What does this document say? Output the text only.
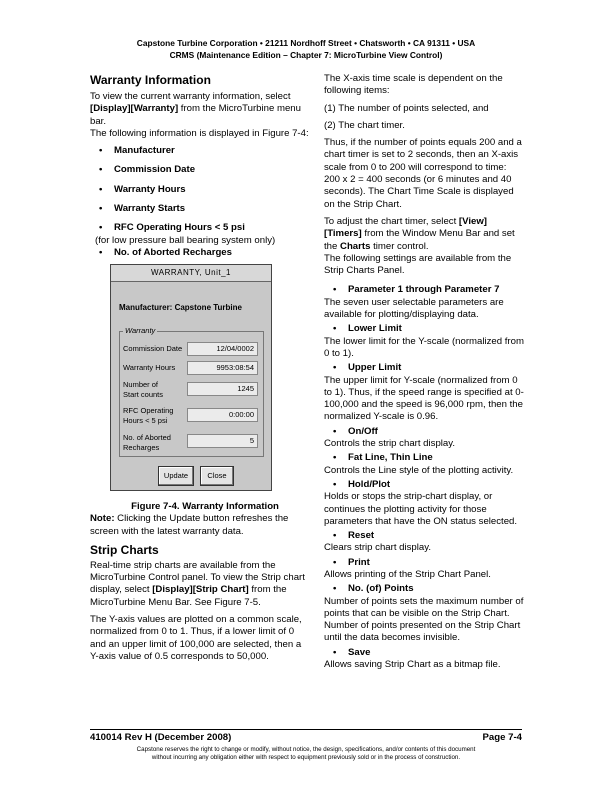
Capstone Turbine Corporation • 21211 Nordhoff Street • Chatsworth • CA 91311 • USA
CRMS (Maintenance Edition – Chapter 7: MicroTurbine View Control)
Warranty Information

To view the current warranty information, select [Display][Warranty] from the MicroTurbine menu bar.

The following information is displayed in Figure 7-4:

• Manufacturer

• Commission Date

• Warranty Hours

• Warranty Starts

• RFC Operating Hours < 5 psi

(for low pressure ball bearing system only)

• No. of Aborted Recharges

WARRANTY, Unit_1
Manufacturer: Capstone Turbine
Warranty
Commission Date	12/04/0002
Warranty Hours	9953:08:54
Number of
Start counts
1245
RFC Operating
Hours < 5 psi
0:00:00
No. of Aborted
Recharges
5
Update	Close

Figure 7-4. Warranty Information

Note: Clicking the Update button refreshes the screen with the latest warranty data.

Strip Charts

Real-time strip charts are available from the MicroTurbine Control panel. To view the Strip chart display, select [Display][Strip Chart] from the MicroTurbine Menu Bar. See Figure 7-5.

The Y-axis values are plotted on a common scale, normalized from 0 to 1. Thus, if a lower limit of 0 and an upper limit of 100,000 are selected, then a Y-axis value of 0.5 corresponds to 50,000.

The X-axis time scale is dependent on the following items:

(1) The number of points selected, and

(2) The chart timer.

Thus, if the number of points equals 200 and a chart timer is set to 2 seconds, then an X-axis scale from 0 to 200 will correspond to time: 200 x 2 = 400 seconds (or 6 minutes and 40 seconds). The Chart Time Scale is displayed on the Strip Chart.

To adjust the chart timer, select [View] [Timers] from the Window Menu Bar and set the Charts timer control.

The following settings are available from the Strip Charts Panel.

• Parameter 1 through Parameter 7

The seven user selectable parameters are available for plotting/displaying data.

• Lower Limit

The lower limit for the Y-scale (normalized from 0 to 1).

• Upper Limit

The upper limit for Y-scale (normalized from 0 to 1). Thus, if the speed range is specified at 0-100,000 and the speed is 96,000 rpm, then the normalized Y-scale is 0.96.

• On/Off

Controls the strip chart display.

• Fat Line, Thin Line

Controls the Line style of the plotting activity.

• Hold/Plot

Holds or stops the strip-chart display, or continues the plotting activity for those parameters that have the ON status selected.

• Reset

Clears strip chart display.

• Print

Allows printing of the Strip Chart Panel.

• No. (of) Points

Number of points sets the maximum number of points that can be visible on the Strip Chart. Number of points presented on the Strip Chart until the data becomes invisible.

• Save

Allows saving Strip Chart as a bitmap file.

410014 Rev H (December 2008)	Page 7-4
Capstone reserves the right to change or modify, without notice, the design, specifications, and/or contents of this document
without incurring any obligation either with respect to equipment previously sold or in the process of construction.
